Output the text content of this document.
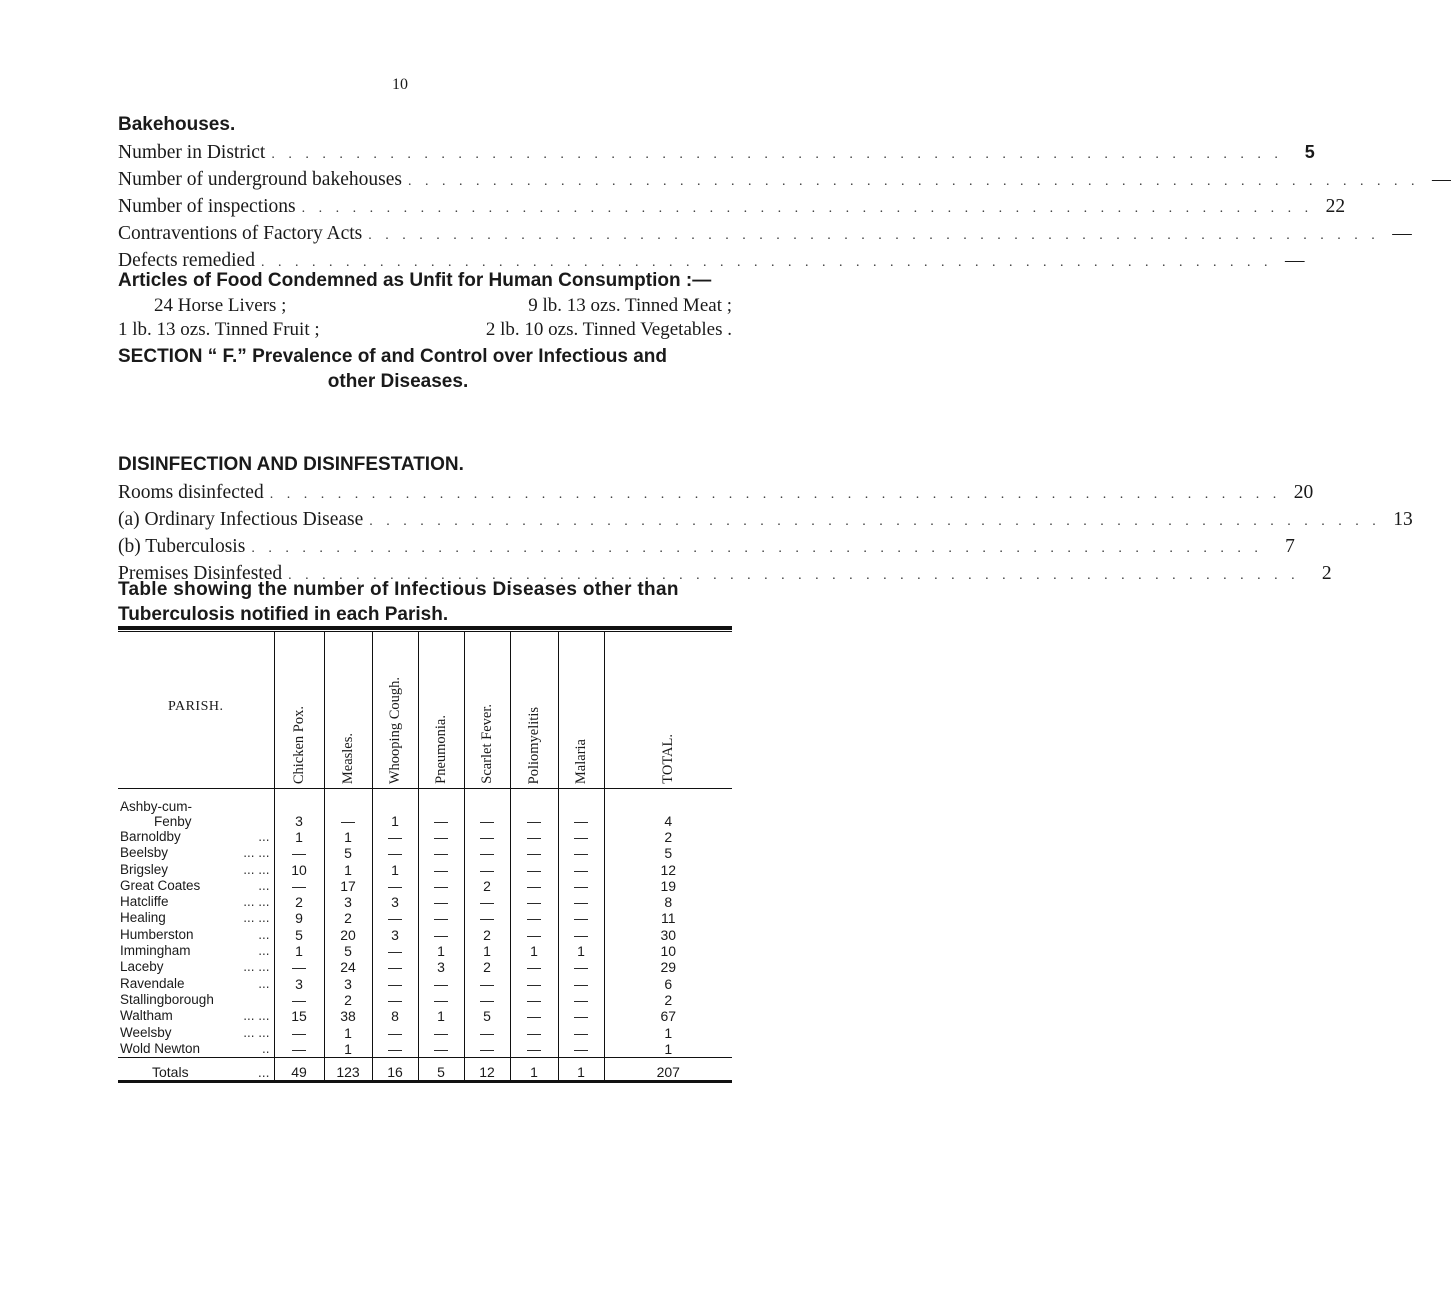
10
Bakehouses.
Number in District . . . . . . . . . . . . . . . . . . . . . . . . . . . . . . . . . . . . . . . . . . . . . . . . . . . . . . . . . . . .	5
Number of underground bakehouses . . . . . . . . . . . . . . . . . . . . . . . . . . . . . . . . . . . . . . . . . . . . . . . . . . . . . . . . . . . . —
Number of inspections . . . . . . . . . . . . . . . . . . . . . . . . . . . . . . . . . . . . . . . . . . . . . . . . . . . . . . . . . . . . 22
Contraventions of Factory Acts . . . . . . . . . . . . . . . . . . . . . . . . . . . . . . . . . . . . . . . . . . . . . . . . . . . . . . . . . . . . —
Defects remedied . . . . . . . . . . . . . . . . . . . . . . . . . . . . . . . . . . . . . . . . . . . . . . . . . . . . . . . . . . . . —
Articles of Food Condemned as Unfit for Human Consumption :—
24 Horse Livers ;	9 lb. 13 ozs. Tinned Meat ;
1 lb. 13 ozs. Tinned Fruit ;	2 lb. 10 ozs. Tinned Vegetables .
SECTION “ F.” Prevalence of and Control over Infectious and
other Diseases.
DISINFECTION AND DISINFESTATION.
Rooms disinfected . . . . . . . . . . . . . . . . . . . . . . . . . . . . . . . . . . . . . . . . . . . . . . . . . . . . . . . . . . . . 20
(a) Ordinary Infectious Disease . . . . . . . . . . . . . . . . . . . . . . . . . . . . . . . . . . . . . . . . . . . . . . . . . . . . . . . . . . . . 13
(b) Tuberculosis . . . . . . . . . . . . . . . . . . . . . . . . . . . . . . . . . . . . . . . . . . . . . . . . . . . . . . . . . . . .	7
Premises Disinfested . . . . . . . . . . . . . . . . . . . . . . . . . . . . . . . . . . . . . . . . . . . . . . . . . . . . . . . . . . . .	2
Table showing the number of Infectious Diseases other than
Tuberculosis notified in each Parish.
PARISH.	Chicken Pox.	Measles.	Whooping Cough.	Pneumonia.	Scarlet Fever.	Poliomyelitis	Malaria	TOTAL.

Ashby-cum-
Fenby	3	—	1	—	—	—	—	4

Barnoldby ...	1	1	—	—	—	—	—	2

Beelsby ... ...	—	5	—	—	—	—	—	5

Brigsley ... ...	10	1	1	—	—	—	—	12

Great Coates ...	—	17	—	—	2	—	—	19

Hatcliffe ... ...	2	3	3	—	—	—	—	8

Healing ... ...	9	2	—	—	—	—	—	11

Humberston ...	5	20	3	—	2	—	—	30

Immingham ...	1	5	—	1	1	1	1	10

Laceby ... ...	—	24	—	3	2	—	—	29

Ravendale ...	3	3	—	—	—	—	—	6

Stallingborough	—	2	—	—	—	—	—	2

Waltham ... ...	15	38	8	1	5	—	—	67

Weelsby ... ...	—	1	—	—	—	—	—	1

Wold Newton ..	—	1	—	—	—	—	—	1

Totals ...	49	123	16	5	12	1	1	207
